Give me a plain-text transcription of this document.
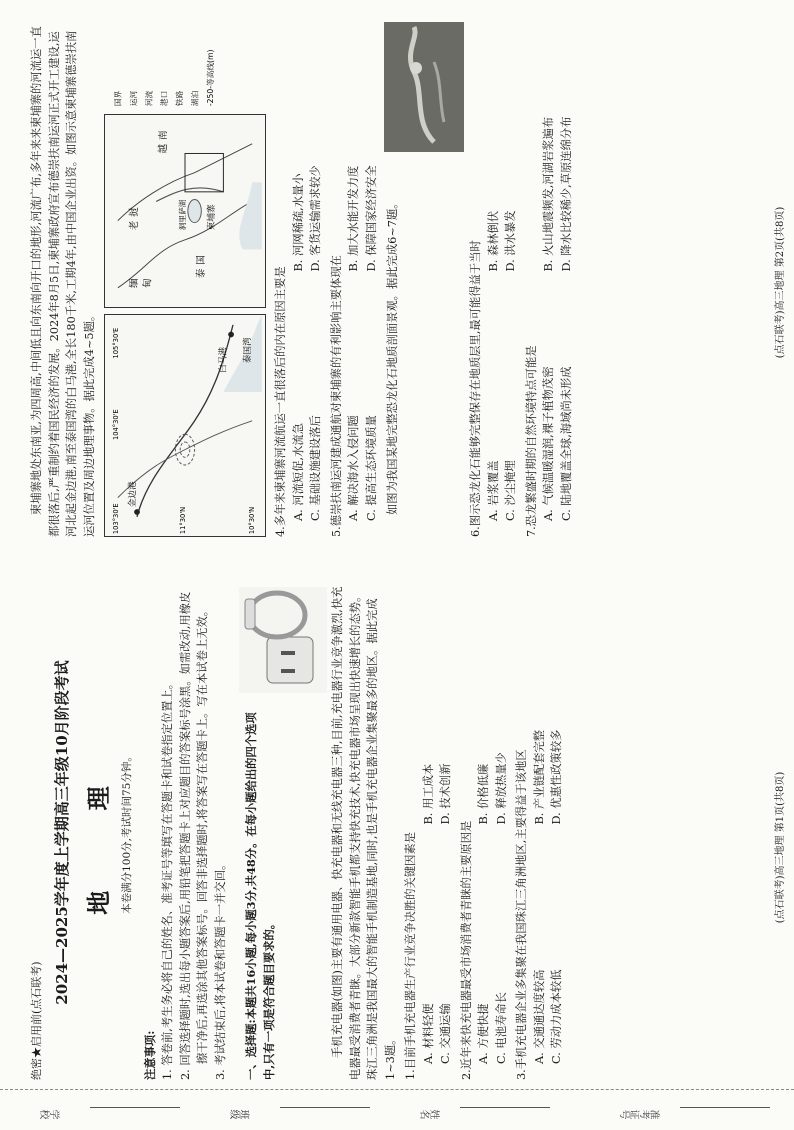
学校	班级	姓名	准考证号
绝密★启用前(点石联考)
2024—2025学年度上学期高三年级10月阶段考试 地 理 本卷满分100分,考试时间75分钟。
注意事项: 1. 答卷前,考生务必将自己的姓名、准考证号等填写在答题卡和试卷指定位置上。 2. 回答选择题时,选出每小题答案后,用铅笔把答题卡上对应题目的答案标号涂黑。如需改动,用橡皮擦干净后,再选涂其他答案标号。回答非选择题时,将答案写在答题卡上。写在本试卷上无效。 3. 考试结束后,将本试卷和答题卡一并交回。 一、选择题:本题共16小题,每小题3分,共48分。在每小题给出的四个选项中,只有一项是符合题目要求的。	手机充电器(如图)主要有通用电器、快充电器和无线充电器三种,目前,充电器行业竞争激烈,快充电器最受消费者青睐。大部分新款智能手机都支持快充技术,快充电器市场呈现出快速增长的态势。珠江三角洲是我国最大的智能手机制造基地,同时,也是手机充电器企业集聚最多的地区。据此完成1~3题。 1.目前手机充电器生产行业竞争决胜的关键因素是 A. 材料轻便
B. 用工成本
C. 交通运输
D. 技术创新
2.近年来快充电器最受市场消费者青睐的主要原因是 A. 方便快捷
B. 价格低廉
C. 电池寿命长
D. 释放热量少
3.手机充电器企业多集聚在我国珠江三角洲地区,主要得益于该地区 A. 交通通达度较高
B. 产业链配套完整
C. 劳动力成本较低
D. 优惠性政策较多	(点石联考)高三地理 第1页(共8页)
柬埔寨地处东南亚,为四周高,中间低且向东南向开口的地形,河流广布,多年来来柬埔寨的河流运一直都很落后,严重制约着国民经济的发展。2024年8月5日,柬埔寨政府宣布德崇扶南运河正式开工建设,运河北起金边港,南至泰国湾的白马港,全长180千米,工期4年,由中国企业出资。如图示意柬埔寨德崇扶南运河位置及周边地理事物。据此完成4~5题。	金边港
白马港
103°30'E
104°30'E
105°30'E
10°30'N
11°30'N
泰国湾
缅 甸
老
挝
泰
国
柬埔寨
越
南
洞里萨湖
国界 运河 河流 港口 铁路 湖泊 -250-等高线(m)
4.多年来柬埔寨河流航运一直很落后的内在原因主要是 A. 河流短促,水流急
B. 河网稀疏,水量小
C. 基础设施建设落后
D. 客货运输需求较少
5.德崇扶南运河建成通航对柬埔寨的有利影响主要体现在 A. 解决海水入侵问题
B. 加大水能开发力度
C. 提高生态环境质量
D. 保障国家经济安全 如图为我国某地完整恐龙化石地质剖面景观。据此完成6~7题。
6.图示恐龙化石能够完整保存在地质层里,最可能得益于当时 A. 岩浆覆盖
B. 森林倒伏
C. 沙尘掩埋
D. 洪水暴发
7.恐龙繁盛时期的自然环境特点可能是 A. 气候温暖湿润,裸子植物茂密
B. 火山地震频发,河湖岩浆遍布
C. 陆地覆盖全球,海域尚未形成
D. 降水比较稀少,草原连绵分布
(点石联考)高三地理 第2页(共8页)
